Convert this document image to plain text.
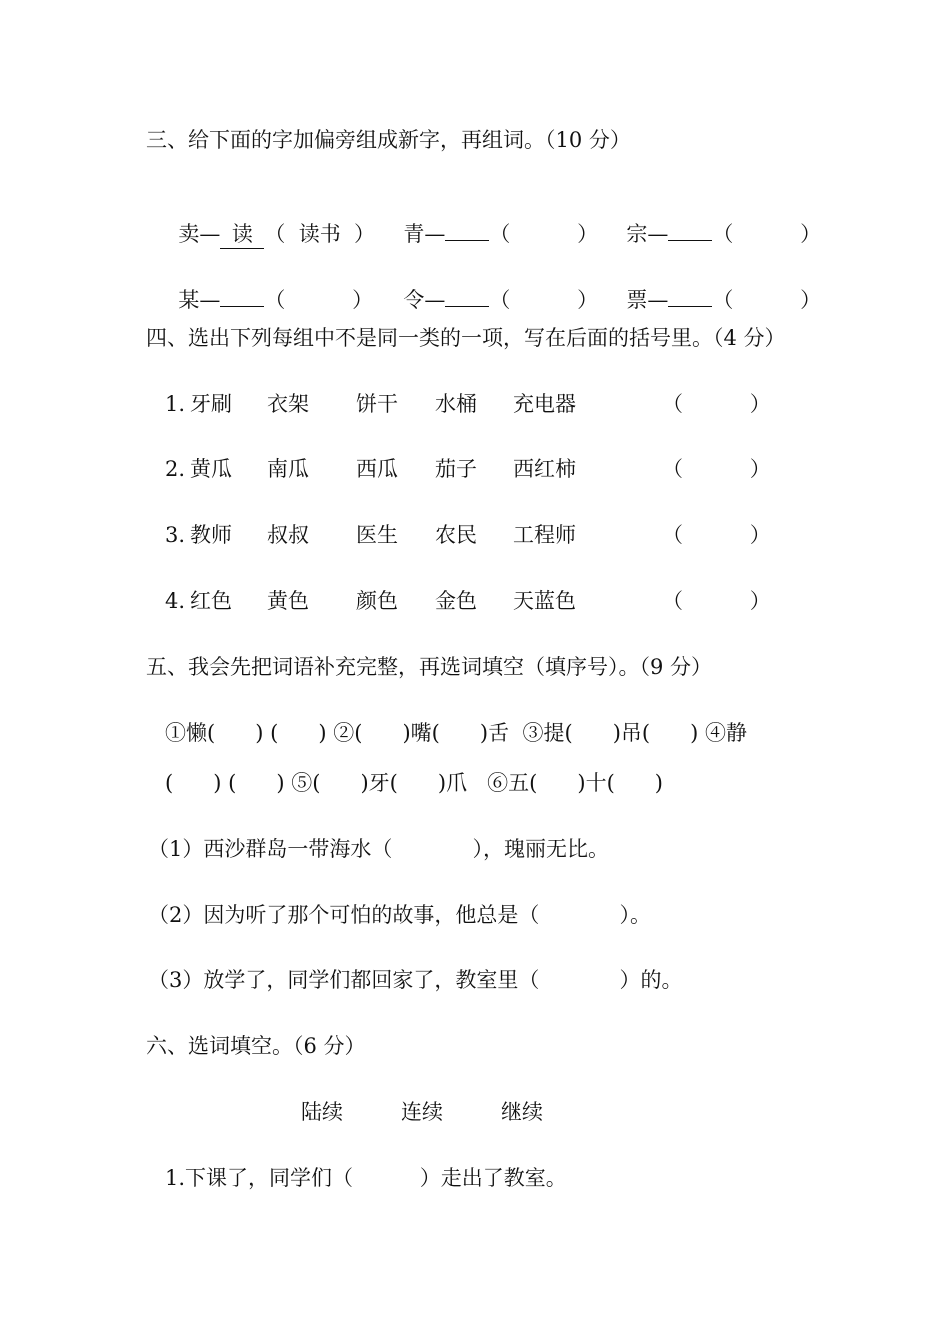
三、给下面的字加偏旁组成新字，再组词。（10 分）

卖— 读 （  读书  ）	青— （          ）	宗— （          ）

某— （          ）	令— （          ）	票— （          ）

四、选出下列每组中不是同一类的一项，写在后面的括号里。（4 分）
1. 牙刷 衣架 饼干 水桶 充电器	（          ）
2. 黄瓜 南瓜 西瓜 茄子 西红柿	（          ）
3. 教师 叔叔 医生 农民 工程师	（          ）
4. 红色 黄色 颜色 金色 天蓝色	（          ）
五、我会先把词语补充完整，再选词填空（填序号）。（9 分）
①懒(      ) (      ) ②(      )嘴(      )舌  ③提(      )吊(      ) ④静
(      ) (      ) ⑤(      )牙(      )爪   ⑥五(      )十(      )
（1）西沙群岛一带海水（            ），瑰丽无比。
（2）因为听了那个可怕的故事，他总是（            ）。
（3）放学了，同学们都回家了，教室里（            ）的。
六、选词填空。（6 分）
陆续	连续	继续
1.下课了，同学们（          ）走出了教室。
